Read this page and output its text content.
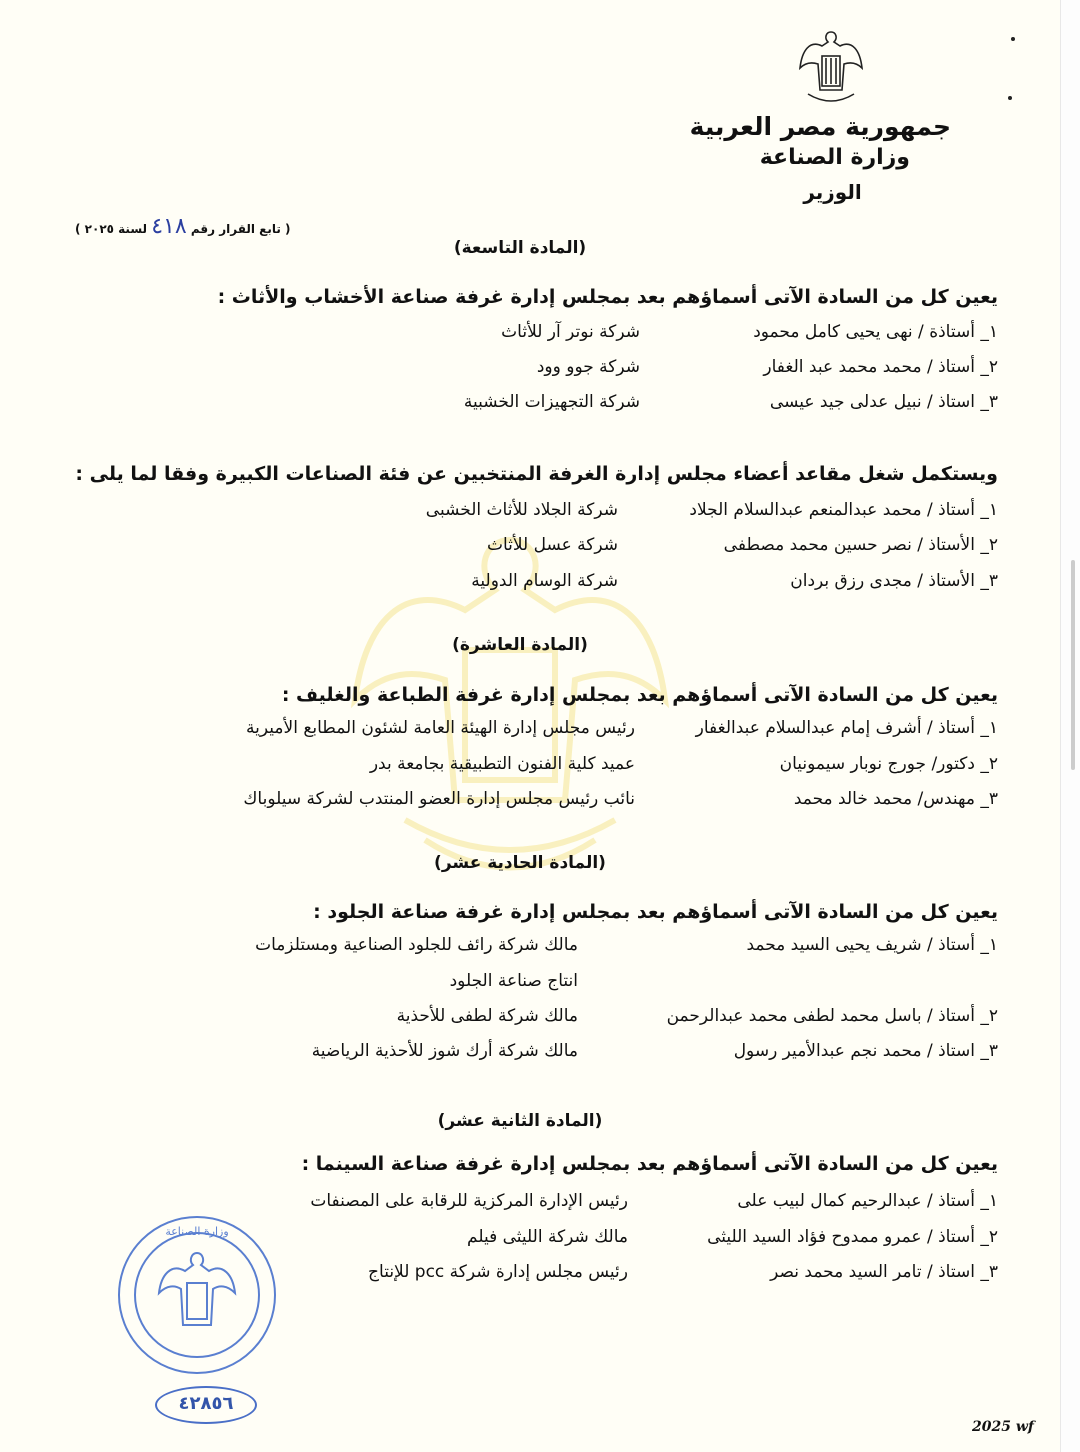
جمهورية مصر العربية
وزارة الصناعة
الوزير
( تابع القرار رقم ٤١٨ لسنة ٢٠٢٥ )
(المادة التاسعة)
يعين كل من السادة الآتى أسماؤهم بعد بمجلس إدارة غرفة صناعة الأخشاب والأثاث :
١_ أستاذة / نهى يحيى كامل محمود
شركة نوتر آر للأثاث
٢_ أستاذ / محمد محمد عبد الغفار
شركة جوو وود
٣_ استاذ / نبيل عدلى جيد عيسى
شركة التجهيزات الخشبية
ويستكمل شغل مقاعد أعضاء مجلس إدارة الغرفة المنتخبين عن فئة الصناعات الكبيرة وفقا لما يلى :
١_ أستاذ / محمد عبدالمنعم عبدالسلام الجلاد
شركة الجلاد للأثاث الخشبى
٢_ الأستاذ / نصر حسين محمد مصطفى
شركة عسل للأثاث
٣_ الأستاذ / مجدى رزق بردان
شركة الوسام الدولية
(المادة العاشرة)
يعين كل من السادة الآتى أسماؤهم بعد بمجلس إدارة غرفة الطباعة والغليف :
١_ أستاذ / أشرف إمام عبدالسلام عبدالغفار
رئيس مجلس إدارة الهيئة العامة لشئون المطابع الأميرية
٢_ دكتور/ جورج نوبار سيمونيان
عميد كلية الفنون التطبيقية بجامعة بدر
٣_ مهندس/ محمد خالد محمد
نائب رئيس مجلس إدارة العضو المنتدب لشركة سيلوباك
(المادة الحادية عشر)
يعين كل من السادة الآتى أسماؤهم بعد بمجلس إدارة غرفة صناعة الجلود :
١_ أستاذ / شريف يحيى السيد محمد
مالك شركة رائف للجلود الصناعية ومستلزمات
انتاج صناعة الجلود
٢_ أستاذ / باسل محمد لطفى محمد عبدالرحمن
مالك شركة لطفى للأحذية
٣_ استاذ / محمد نجم عبدالأمير رسول
مالك شركة أرك شوز للأحذية الرياضية
(المادة الثانية عشر)
يعين كل من السادة الآتى أسماؤهم بعد بمجلس إدارة غرفة صناعة السينما :
١_ أستاذ / عبدالرحيم كمال لبيب على
رئيس الإدارة المركزية للرقابة على المصنفات
٢_ أستاذ / عمرو ممدوح فؤاد السيد الليثى
مالك شركة الليثى فيلم
٣_ استاذ / تامر السيد محمد نصر
رئيس مجلس إدارة شركة pcc للإنتاج
وزارة الصناعة
٤٢٨٥٦
2025 wf
